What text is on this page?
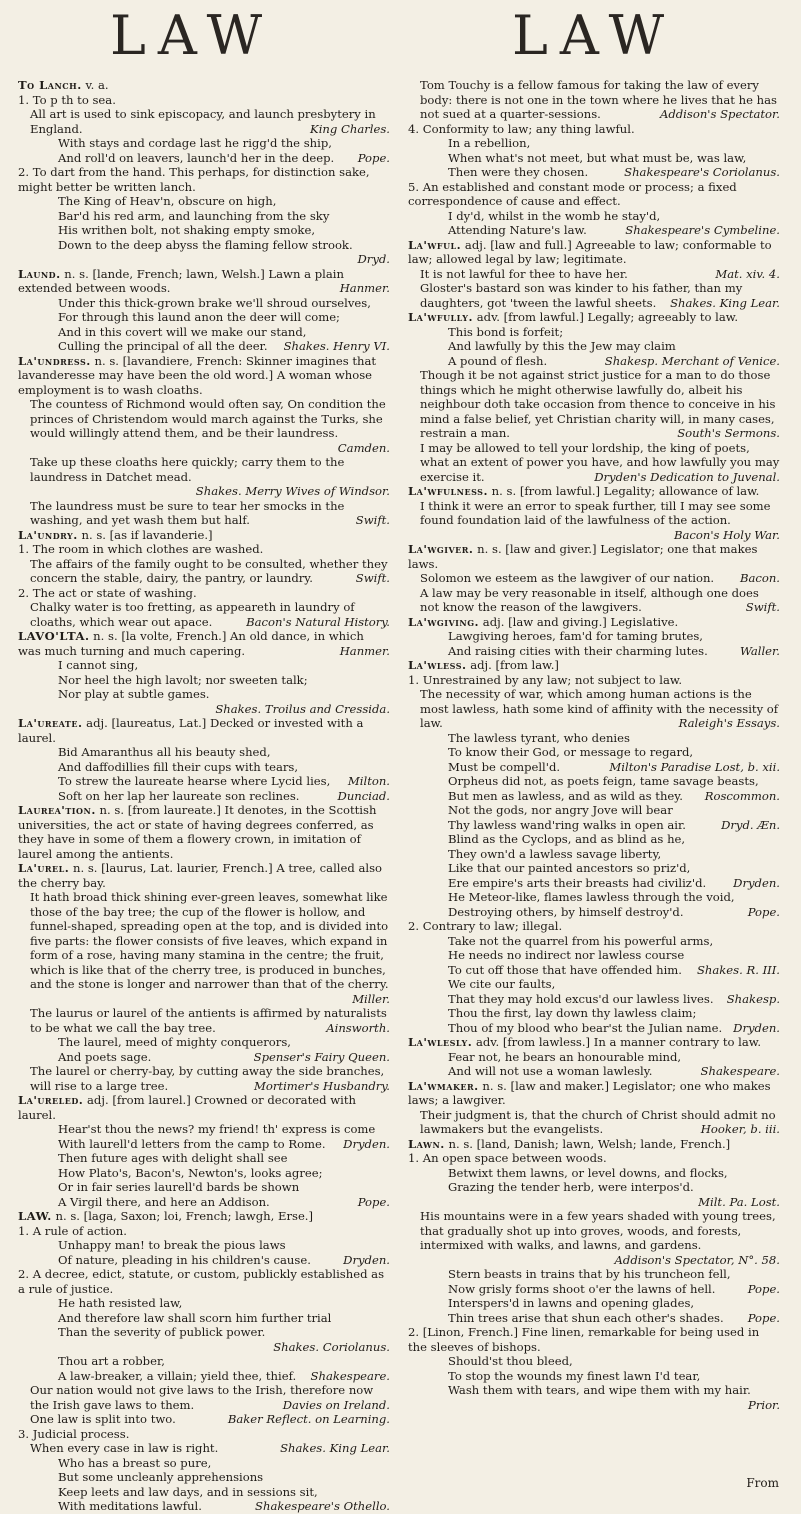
LAW	LAW
To Lanch. v. a.
1. To p th to sea.
All art is used to sink episcopacy, and launch presbytery in England.	King Charles.
With stays and cordage last he rigg'd the ship,
And roll'd on leavers, launch'd her in the deep.	Pope.
2. To dart from the hand. This perhaps, for distinction sake, might better be written lanch.
The King of Heav'n, obscure on high,
Bar'd his red arm, and launching from the sky
His writhen bolt, not shaking empty smoke,
Down to the deep abyss the flaming fellow strook.
Dryd.
Laund. n. s. [lande, French; lawn, Welsh.] Lawn a plain extended between woods.	Hanmer.
Under this thick-grown brake we'll shroud ourselves,
For through this laund anon the deer will come;
And in this covert will we make our stand,
Culling the principal of all the deer.	Shakes. Henry VI.
La'undress. n. s. [lavandiere, French: Skinner imagines that lavanderesse may have been the old word.] A woman whose employment is to wash cloaths.
The countess of Richmond would often say, On condition the princes of Christendom would march against the Turks, she would willingly attend them, and be their laundress.
Camden.
Take up these cloaths here quickly; carry them to the laundress in Datchet mead.
Shakes. Merry Wives of Windsor.
The laundress must be sure to tear her smocks in the washing, and yet wash them but half.	Swift.
La'undry. n. s. [as if lavanderie.]
1. The room in which clothes are washed.
The affairs of the family ought to be consulted, whether they concern the stable, dairy, the pantry, or laundry.	Swift.
2. The act or state of washing.
Chalky water is too fretting, as appeareth in laundry of cloaths, which wear out apace.	Bacon's Natural History.
LAVO'LTA. n. s. [la volte, French.] An old dance, in which was much turning and much capering.	Hanmer.
I cannot sing,
Nor heel the high lavolt; nor sweeten talk;
Nor play at subtle games.
Shakes. Troilus and Cressida.
La'ureate. adj. [laureatus, Lat.] Decked or invested with a laurel.
Bid Amaranthus all his beauty shed,
And daffodillies fill their cups with tears,
To strew the laureate hearse where Lycid lies,	Milton.
Soft on her lap her laureate son reclines.	Dunciad.
Laurea'tion. n. s. [from laureate.] It denotes, in the Scottish universities, the act or state of having degrees conferred, as they have in some of them a flowery crown, in imitation of laurel among the antients.
La'urel. n. s. [laurus, Lat. laurier, French.] A tree, called also the cherry bay.
It hath broad thick shining ever-green leaves, somewhat like those of the bay tree; the cup of the flower is hollow, and funnel-shaped, spreading open at the top, and is divided into five parts: the flower consists of five leaves, which expand in form of a rose, having many stamina in the centre; the fruit, which is like that of the cherry tree, is produced in bunches, and the stone is longer and narrower than that of the cherry.
Miller.
The laurus or laurel of the antients is affirmed by naturalists to be what we call the bay tree.	Ainsworth.
The laurel, meed of mighty conquerors,
And poets sage.	Spenser's Fairy Queen.
The laurel or cherry-bay, by cutting away the side branches, will rise to a large tree.	Mortimer's Husbandry.
La'ureled. adj. [from laurel.] Crowned or decorated with laurel.
Hear'st thou the news? my friend! th' express is come
With laurell'd letters from the camp to Rome.	Dryden.
Then future ages with delight shall see
How Plato's, Bacon's, Newton's, looks agree;
Or in fair series laurell'd bards be shown
A Virgil there, and here an Addison.	Pope.
LAW. n. s. [laga, Saxon; loi, French; lawgh, Erse.]
1. A rule of action.
Unhappy man! to break the pious laws
Of nature, pleading in his children's cause.	Dryden.
2. A decree, edict, statute, or custom, publickly established as a rule of justice.
He hath resisted law,
And therefore law shall scorn him further trial
Than the severity of publick power.
Shakes. Coriolanus.
Thou art a robber,
A law-breaker, a villain; yield thee, thief.	Shakespeare.
Our nation would not give laws to the Irish, therefore now the Irish gave laws to them.	Davies on Ireland.
One law is split into two.	Baker Reflect. on Learning.
3. Judicial process.
When every case in law is right.	Shakes. King Lear.
Who has a breast so pure,
But some uncleanly apprehensions
Keep leets and law days, and in sessions sit,
With meditations lawful.	Shakespeare's Othello.
Tom Touchy is a fellow famous for taking the law of every body: there is not one in the town where he lives that he has not sued at a quarter-sessions.	Addison's Spectator.
4. Conformity to law; any thing lawful.
In a rebellion,
When what's not meet, but what must be, was law,
Then were they chosen.	Shakespeare's Coriolanus.
5. An established and constant mode or process; a fixed correspondence of cause and effect.
I dy'd, whilst in the womb he stay'd,
Attending Nature's law.	Shakespeare's Cymbeline.
La'wful. adj. [law and full.] Agreeable to law; conformable to law; allowed legal by law; legitimate.
It is not lawful for thee to have her.	Mat. xiv. 4.
Gloster's bastard son was kinder to his father, than my daughters, got 'tween the lawful sheets.	Shakes. King Lear.
La'wfully. adv. [from lawful.] Legally; agreeably to law.
This bond is forfeit;
And lawfully by this the Jew may claim
A pound of flesh.	Shakesp. Merchant of Venice.
Though it be not against strict justice for a man to do those things which he might otherwise lawfully do, albeit his neighbour doth take occasion from thence to conceive in his mind a false belief, yet Christian charity will, in many cases, restrain a man.	South's Sermons.
I may be allowed to tell your lordship, the king of poets, what an extent of power you have, and how lawfully you may exercise it.	Dryden's Dedication to Juvenal.
La'wfulness. n. s. [from lawful.] Legality; allowance of law.
I think it were an error to speak further, till I may see some found foundation laid of the lawfulness of the action.
Bacon's Holy War.
La'wgiver. n. s. [law and giver.] Legislator; one that makes laws.
Solomon we esteem as the lawgiver of our nation.	Bacon.
A law may be very reasonable in itself, although one does not know the reason of the lawgivers.	Swift.
La'wgiving. adj. [law and giving.] Legislative.
Lawgiving heroes, fam'd for taming brutes,
And raising cities with their charming lutes.	Waller.
La'wless. adj. [from law.]
1. Unrestrained by any law; not subject to law.
The necessity of war, which among human actions is the most lawless, hath some kind of affinity with the necessity of law.	Raleigh's Essays.
The lawless tyrant, who denies
To know their God, or message to regard,
Must be compell'd.	Milton's Paradise Lost, b. xii.
Orpheus did not, as poets feign, tame savage beasts,
But men as lawless, and as wild as they.	Roscommon.
Not the gods, nor angry Jove will bear
Thy lawless wand'ring walks in open air.	Dryd. Æn.
Blind as the Cyclops, and as blind as he,
They own'd a lawless savage liberty,
Like that our painted ancestors so priz'd,
Ere empire's arts their breasts had civiliz'd.	Dryden.
He Meteor-like, flames lawless through the void,
Destroying others, by himself destroy'd.	Pope.
2. Contrary to law; illegal.
Take not the quarrel from his powerful arms,
He needs no indirect nor lawless course
To cut off those that have offended him.	Shakes. R. III.
We cite our faults,
That they may hold excus'd our lawless lives.	Shakesp.
Thou the first, lay down thy lawless claim;
Thou of my blood who bear'st the Julian name. Dryden.
La'wlesly. adv. [from lawless.] In a manner contrary to law.
Fear not, he bears an honourable mind,
And will not use a woman lawlesly.	Shakespeare.
La'wmaker. n. s. [law and maker.] Legislator; one who makes laws; a lawgiver.
Their judgment is, that the church of Christ should admit no lawmakers but the evangelists.	Hooker, b. iii.
Lawn. n. s. [land, Danish; lawn, Welsh; lande, French.]
1. An open space between woods.
Betwixt them lawns, or level downs, and flocks,
Grazing the tender herb, were interpos'd.
Milt. Pa. Lost.
His mountains were in a few years shaded with young trees, that gradually shot up into groves, woods, and forests, intermixed with walks, and lawns, and gardens.
Addison's Spectator, N°. 58.
Stern beasts in trains that by his truncheon fell,
Now grisly forms shoot o'er the lawns of hell.	Pope.
Interspers'd in lawns and opening glades,
Thin trees arise that shun each other's shades.	Pope.
2. [Linon, French.] Fine linen, remarkable for being used in the sleeves of bishops.
Should'st thou bleed,
To stop the wounds my finest lawn I'd tear,
Wash them with tears, and wipe them with my hair.
Prior.
From
